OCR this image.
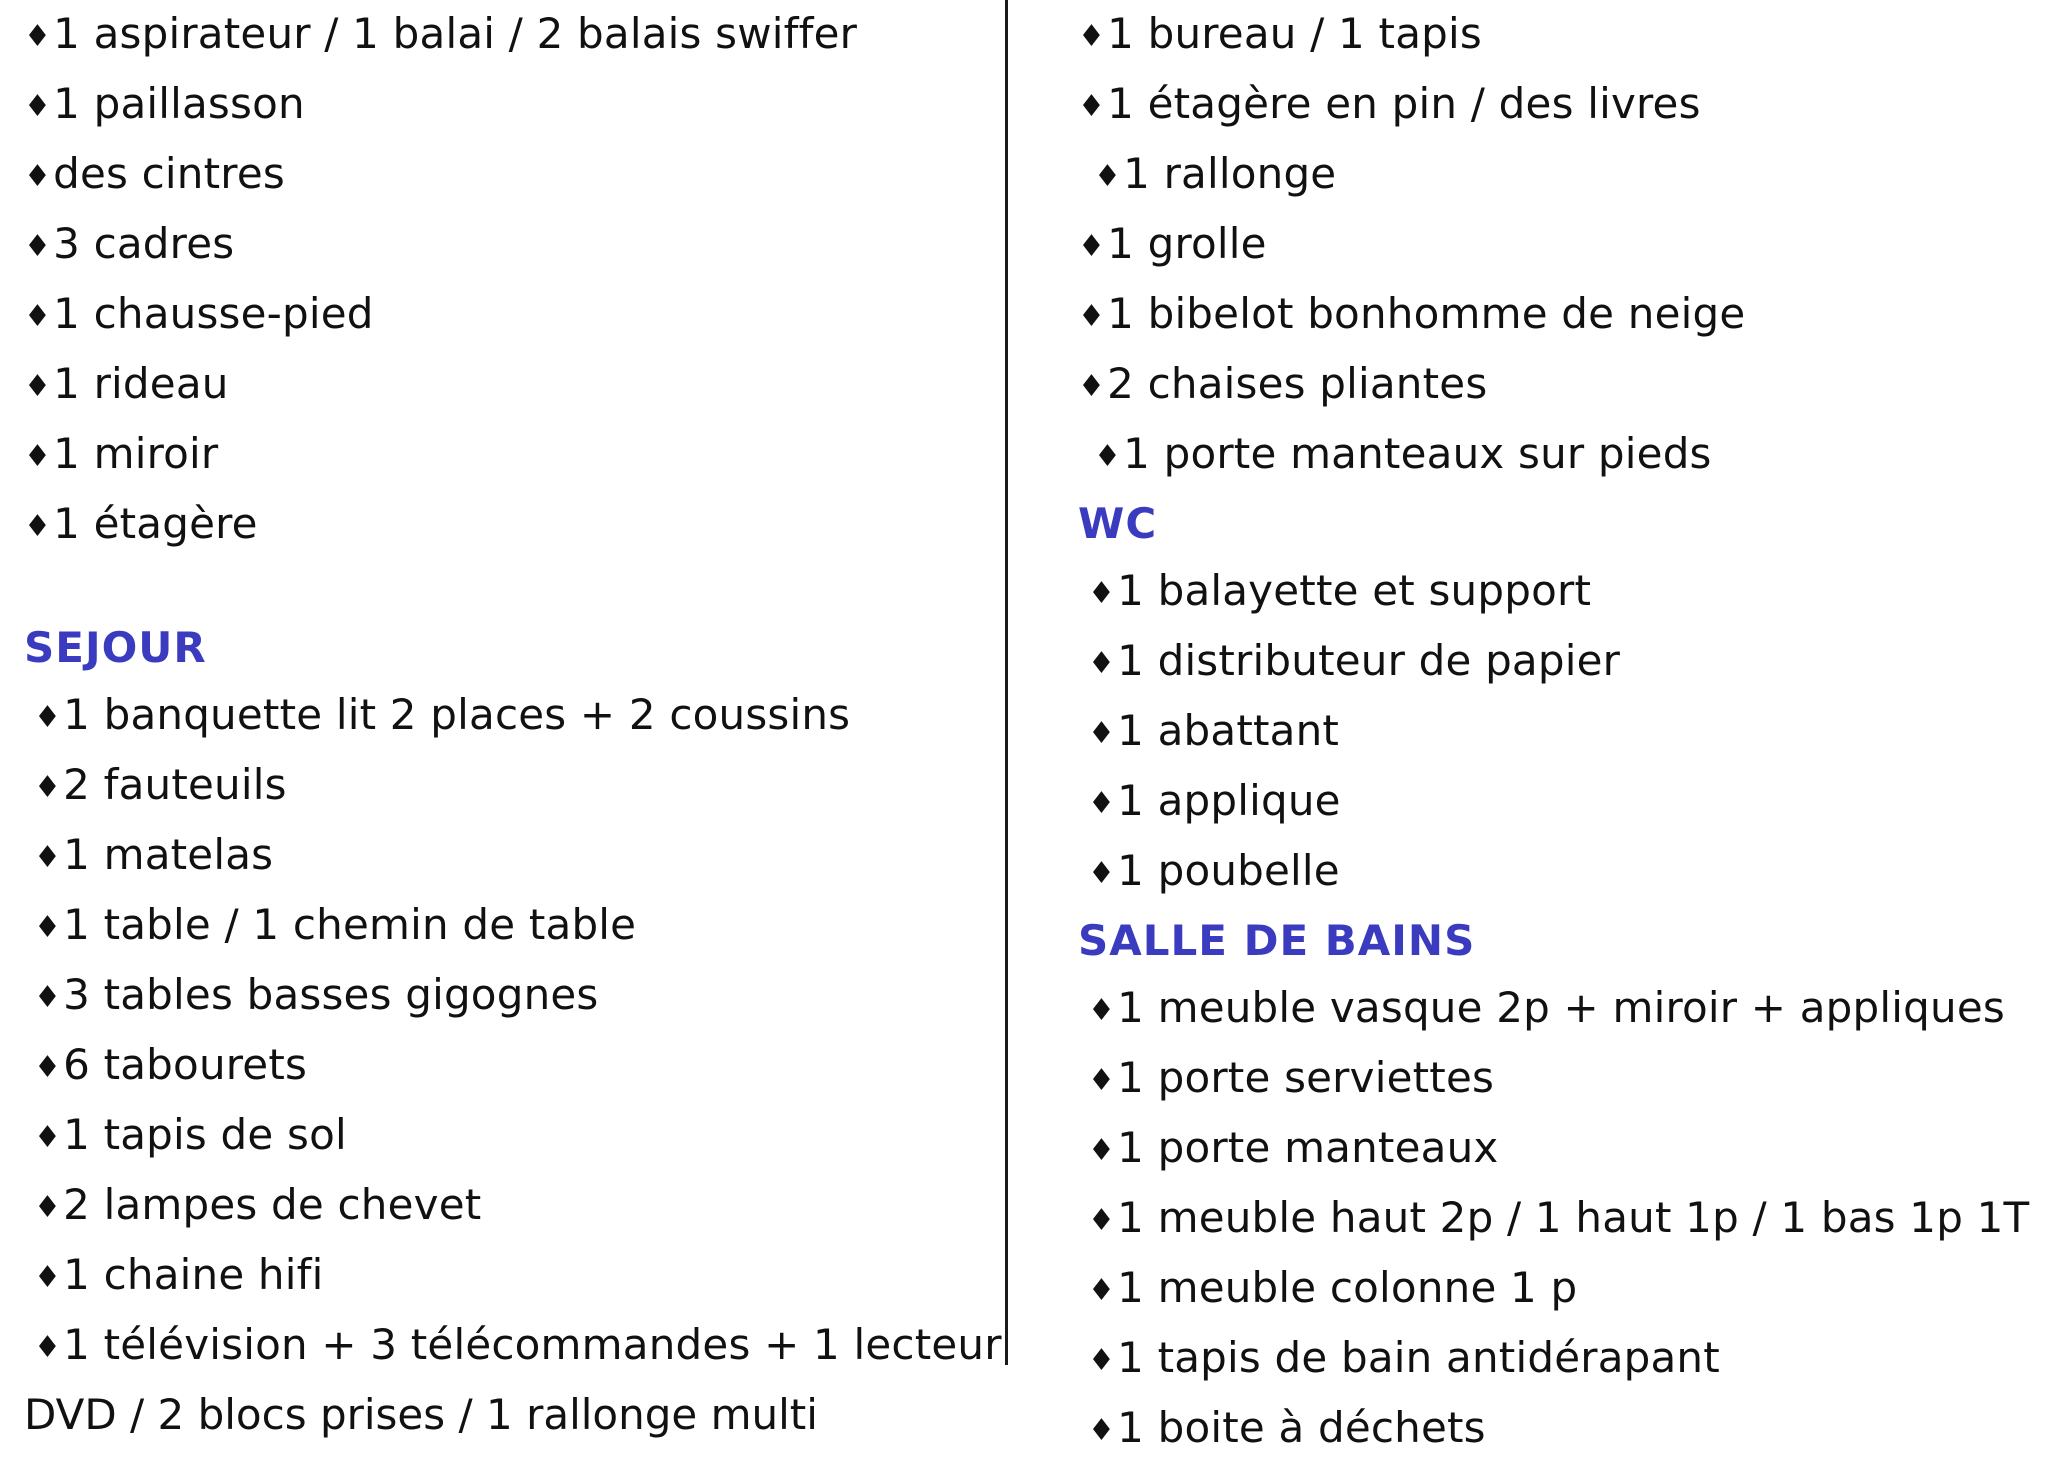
♦1 aspirateur / 1 balai / 2 balais swiffer
♦1 paillasson
♦des cintres
♦3 cadres
♦1 chausse-pied
♦1 rideau
♦1 miroir
♦1 étagère
SEJOUR
♦1 banquette lit 2 places + 2 coussins
♦2 fauteuils
♦1 matelas
♦1 table / 1 chemin de table
♦3 tables basses gigognes
♦6 tabourets
♦1 tapis de sol
♦2 lampes de chevet
♦1 chaine hifi
♦1 télévision + 3 télécommandes + 1 lecteur
DVD / 2 blocs prises / 1 rallonge multi
♦1 bureau / 1 tapis
♦1 étagère en pin / des livres
♦1 rallonge
♦1 grolle
♦1 bibelot bonhomme de neige
♦2 chaises pliantes
♦1 porte manteaux sur pieds
WC
♦1 balayette et support
♦1 distributeur de papier
♦1 abattant
♦1 applique
♦1 poubelle
SALLE DE BAINS
♦1 meuble vasque 2p + miroir + appliques
♦1 porte serviettes
♦1 porte manteaux
♦1 meuble haut 2p / 1 haut 1p / 1 bas 1p 1T
♦1 meuble colonne 1 p
♦1 tapis de bain antidérapant
♦1 boite à déchets
